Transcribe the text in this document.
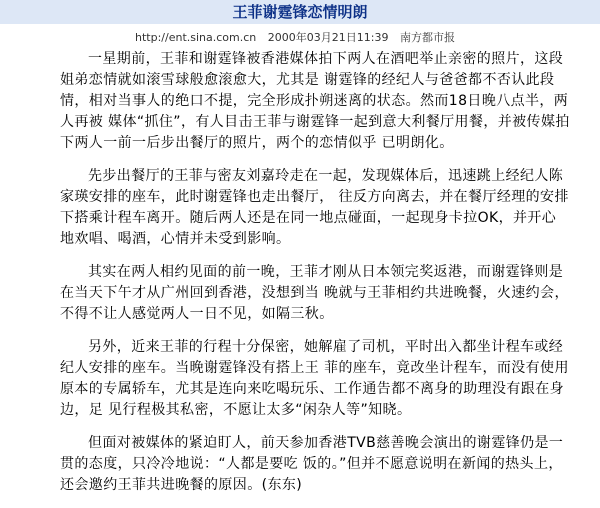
王菲谢霆锋恋情明朗
http://ent.sina.com.cn 2000年03月21日11:39 南方都市报

一星期前，王菲和谢霆锋被香港媒体拍下两人在酒吧举止亲密的照片，这段姐弟恋情就如滚雪球般愈滚愈大，尤其是 谢霆锋的经纪人与爸爸都不否认此段情，相对当事人的绝口不提，完全形成扑朔迷离的状态。然而18日晚八点半，两人再被 媒体“抓住”，有人目击王菲与谢霆锋一起到意大利餐厅用餐，并被传媒拍下两人一前一后步出餐厅的照片，两个的恋情似乎 已明朗化。

先步出餐厅的王菲与密友刘嘉玲走在一起，发现媒体后，迅速跳上经纪人陈家瑛安排的座车，此时谢霆锋也走出餐厅， 往反方向离去，并在餐厅经理的安排下搭乘计程车离开。随后两人还是在同一地点碰面，一起现身卡拉OK，并开心地欢唱、喝酒，心情并未受到影响。

其实在两人相约见面的前一晚，王菲才刚从日本领完奖返港，而谢霆锋则是在当天下午才从广州回到香港，没想到当 晚就与王菲相约共进晚餐，火速约会，不得不让人感觉两人一日不见，如隔三秋。

另外，近来王菲的行程十分保密，她解雇了司机，平时出入都坐计程车或经纪人安排的座车。当晚谢霆锋没有搭上王 菲的座车，竟改坐计程车，而没有使用原本的专属轿车，尤其是连向来吃喝玩乐、工作通告都不离身的助理没有跟在身边，足 见行程极其私密，不愿让太多“闲杂人等”知晓。

但面对被媒体的紧迫盯人，前天参加香港TVB慈善晚会演出的谢霆锋仍是一贯的态度，只冷冷地说：“人都是要吃 饭的。”但并不愿意说明在新闻的热头上，还会邀约王菲共进晚餐的原因。(东东)
